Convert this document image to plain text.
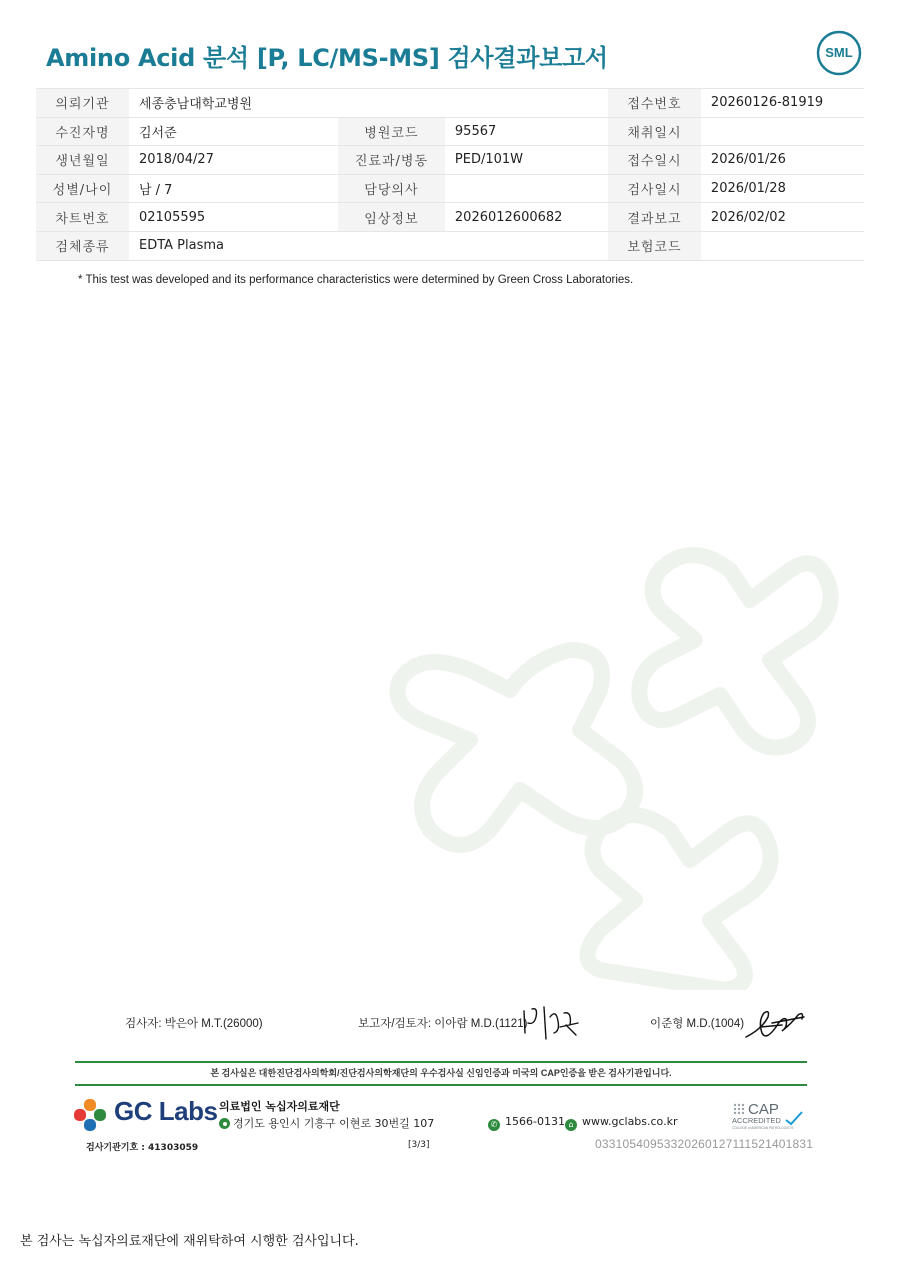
Amino Acid 분석 [P, LC/MS-MS] 검사결과보고서	SML
의뢰기관	세종충남대학교병원			접수번호	20260126-81919
수진자명	김서준	병원코드	95567	채취일시	
생년월일	2018/04/27	진료과/병동	PED/101W	접수일시	2026/01/26
성별/나이	남 / 7	담당의사		검사일시	2026/01/28
차트번호	02105595	임상정보	2026012600682	결과보고	2026/02/02
검체종류	EDTA Plasma			보험코드	
* This test was developed and its performance characteristics were determined by Green Cross Laboratories.
검사자: 박은아 M.T.(26000)	보고자/검토자: 이아람 M.D.(1121)	이준형 M.D.(1004)
본 검사실은 대한진단검사의학회/진단검사의학재단의 우수검사실 신임인증과 미국의 CAP인증을 받은 검사기관입니다.
GC Labs 의료법인 녹십자의료재단
경기도 용인시 기흥구 이현로 30번길 107	✆ 1566-0131 ⌂ www.gclabs.co.kr
CAP
ACCREDITED
COLLEGE of AMERICAN PATHOLOGISTS
검사기관기호 : 41303059	[3/3]	03310540953320260127111521401831
본 검사는 녹십자의료재단에 재위탁하여 시행한 검사입니다.
